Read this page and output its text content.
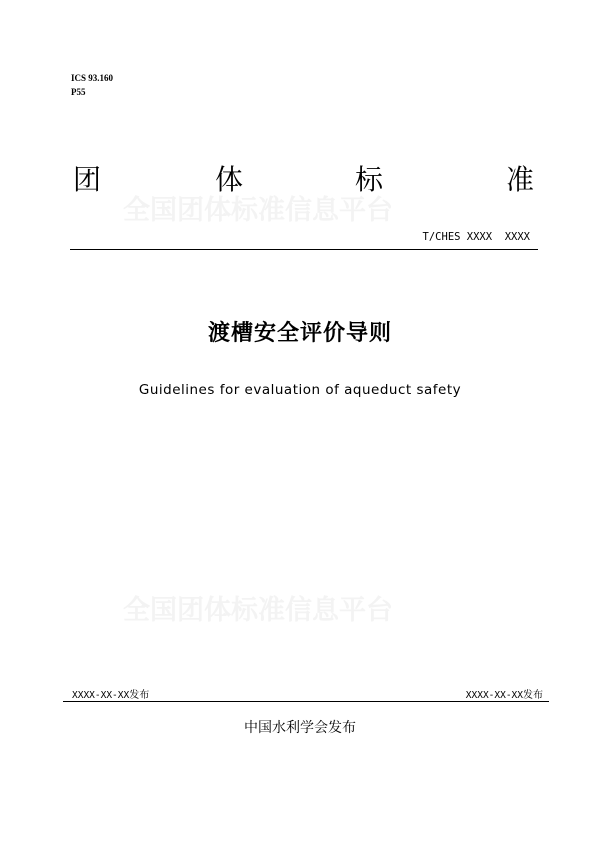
ICS 93.160
P55
团	体	标	准
全国团体标准信息平台
T/CHES XXXX  XXXX
渡槽安全评价导则
Guidelines for evaluation of aqueduct safety
全国团体标准信息平台
XXXX-XX-XX发布	XXXX-XX-XX发布
中国水利学会发布
